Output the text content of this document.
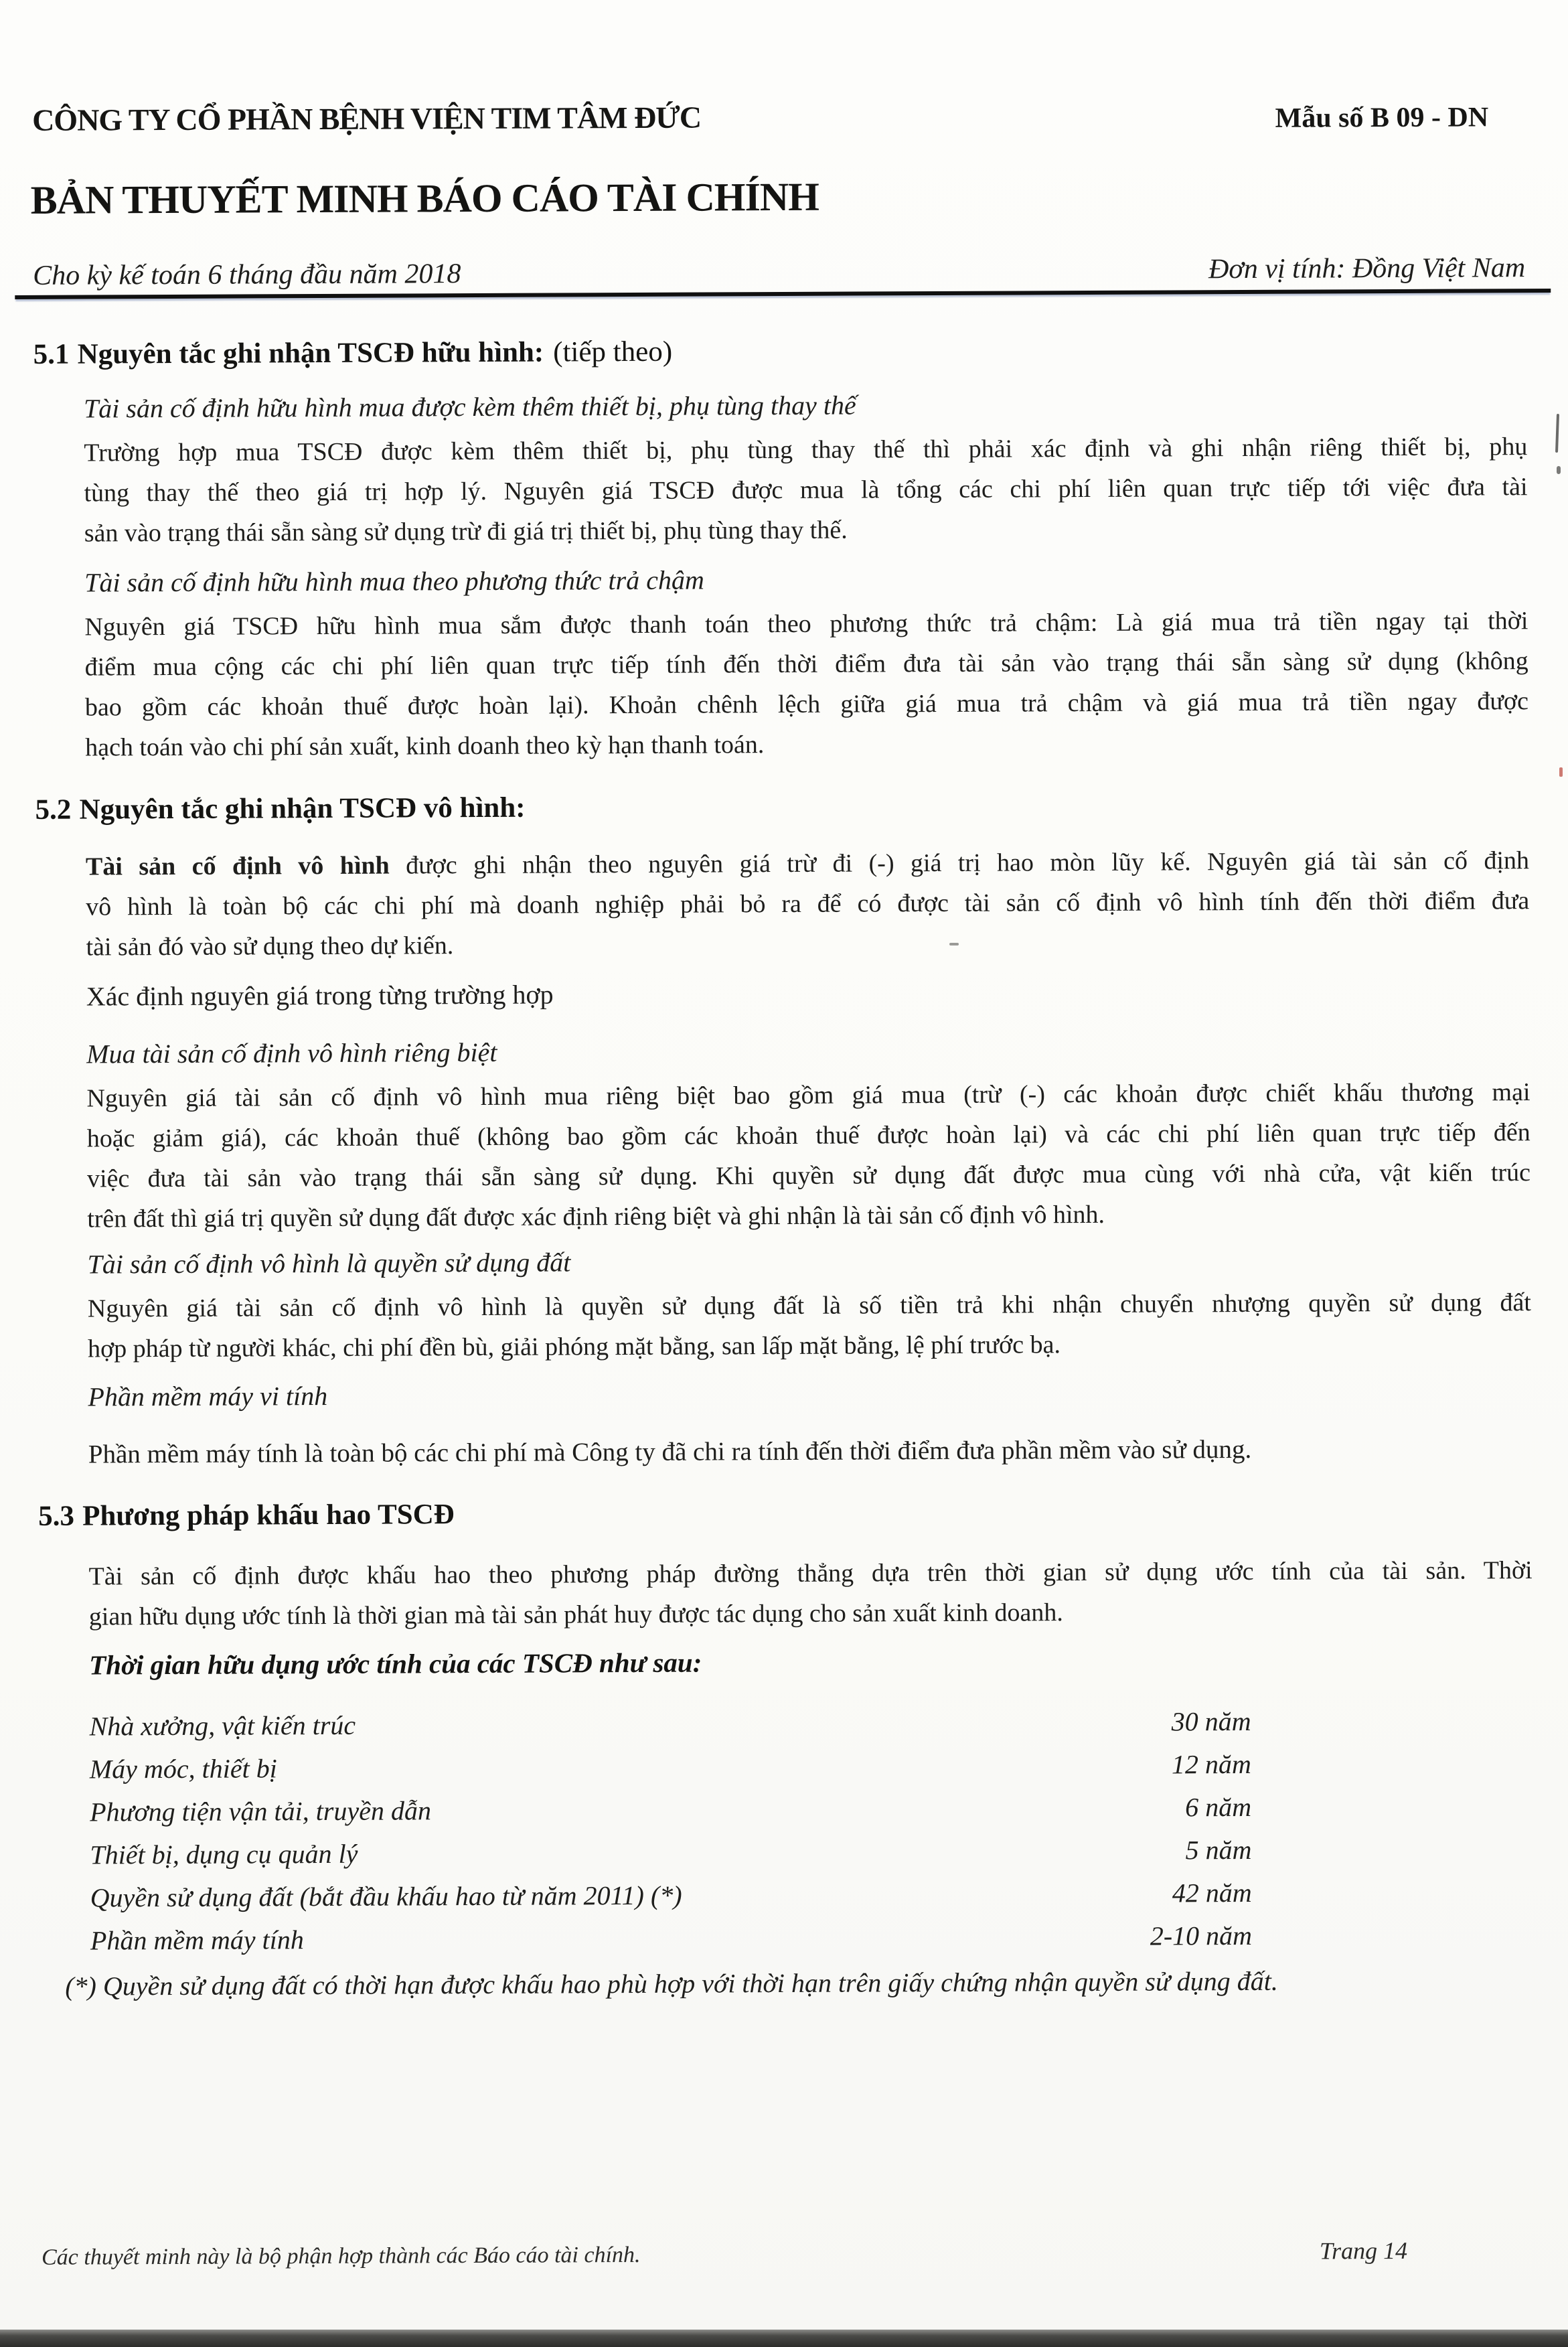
CÔNG TY CỔ PHẦN BỆNH VIỆN TIM TÂM ĐỨC	Mẫu số B 09 - DN
BẢN THUYẾT MINH BÁO CÁO TÀI CHÍNH
Cho kỳ kế toán 6 tháng đầu năm 2018	Đơn vị tính: Đồng Việt Nam
5.1 Nguyên tắc ghi nhận TSCĐ hữu hình: (tiếp theo)
Tài sản cố định hữu hình mua được kèm thêm thiết bị, phụ tùng thay thế
Trường hợp mua TSCĐ được kèm thêm thiết bị, phụ tùng thay thế thì phải xác định và ghi nhận riêng thiết bị, phụ
tùng thay thế theo giá trị hợp lý. Nguyên giá TSCĐ được mua là tổng các chi phí liên quan trực tiếp tới việc đưa tài
sản vào trạng thái sẵn sàng sử dụng trừ đi giá trị thiết bị, phụ tùng thay thế.
Tài sản cố định hữu hình mua theo phương thức trả chậm
Nguyên giá TSCĐ hữu hình mua sắm được thanh toán theo phương thức trả chậm: Là giá mua trả tiền ngay tại thời
điểm mua cộng các chi phí liên quan trực tiếp tính đến thời điểm đưa tài sản vào trạng thái sẵn sàng sử dụng (không
bao gồm các khoản thuế được hoàn lại). Khoản chênh lệch giữa giá mua trả chậm và giá mua trả tiền ngay được
hạch toán vào chi phí sản xuất, kinh doanh theo kỳ hạn thanh toán.
5.2 Nguyên tắc ghi nhận TSCĐ vô hình:
Tài sản cố định vô hình được ghi nhận theo nguyên giá trừ đi (-) giá trị hao mòn lũy kế. Nguyên giá tài sản cố định
vô hình là toàn bộ các chi phí mà doanh nghiệp phải bỏ ra để có được tài sản cố định vô hình tính đến thời điểm đưa
tài sản đó vào sử dụng theo dự kiến.
Xác định nguyên giá trong từng trường hợp
Mua tài sản cố định vô hình riêng biệt
Nguyên giá tài sản cố định vô hình mua riêng biệt bao gồm giá mua (trừ (-) các khoản được chiết khấu thương mại
hoặc giảm giá), các khoản thuế (không bao gồm các khoản thuế được hoàn lại) và các chi phí liên quan trực tiếp đến
việc đưa tài sản vào trạng thái sẵn sàng sử dụng. Khi quyền sử dụng đất được mua cùng với nhà cửa, vật kiến trúc
trên đất thì giá trị quyền sử dụng đất được xác định riêng biệt và ghi nhận là tài sản cố định vô hình.
Tài sản cố định vô hình là quyền sử dụng đất
Nguyên giá tài sản cố định vô hình là quyền sử dụng đất là số tiền trả khi nhận chuyển nhượng quyền sử dụng đất
hợp pháp từ người khác, chi phí đền bù, giải phóng mặt bằng, san lấp mặt bằng, lệ phí trước bạ.
Phần mềm máy vi tính
Phần mềm máy tính là toàn bộ các chi phí mà Công ty đã chi ra tính đến thời điểm đưa phần mềm vào sử dụng.
5.3 Phương pháp khấu hao TSCĐ
Tài sản cố định được khấu hao theo phương pháp đường thẳng dựa trên thời gian sử dụng ước tính của tài sản. Thời
gian hữu dụng ước tính là thời gian mà tài sản phát huy được tác dụng cho sản xuất kinh doanh.
Thời gian hữu dụng ước tính của các TSCĐ như sau:
Nhà xưởng, vật kiến trúc	30 năm
Máy móc, thiết bị	12 năm
Phương tiện vận tải, truyền dẫn	6 năm
Thiết bị, dụng cụ quản lý	5 năm
Quyền sử dụng đất (bắt đầu khấu hao từ năm 2011) (*)	42 năm
Phần mềm máy tính	2-10 năm
(*) Quyền sử dụng đất có thời hạn được khấu hao phù hợp với thời hạn trên giấy chứng nhận quyền sử dụng đất.
Các thuyết minh này là bộ phận hợp thành các Báo cáo tài chính.	Trang 14
